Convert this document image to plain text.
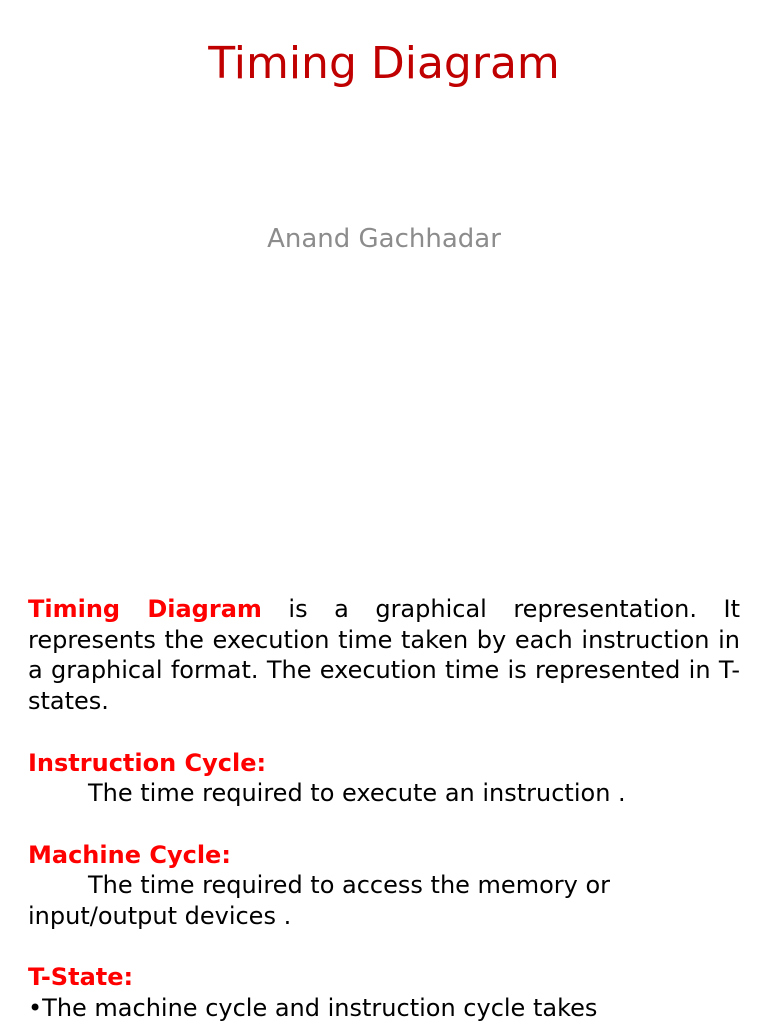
Timing Diagram
Anand Gachhadar

Timing Diagram is a graphical representation. It represents the execution time taken by each instruction in a graphical format. The execution time is represented in T-states.

Instruction Cycle:

The time required to execute an instruction .

Machine Cycle:

The time required to access the memory or input/output devices .

T-State:

•The machine cycle and instruction cycle takes
